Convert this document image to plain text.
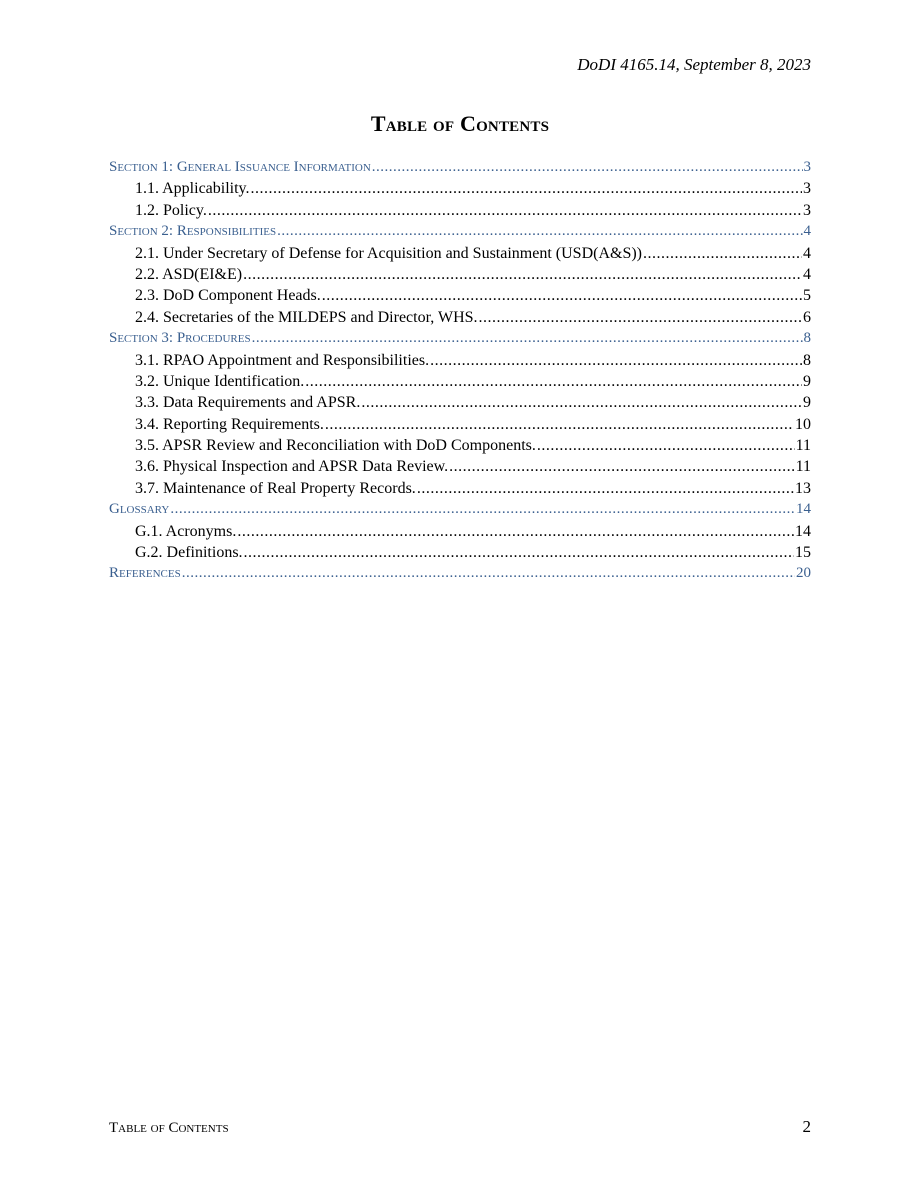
DoDI 4165.14, September 8, 2023
Table of Contents
Section 1: General Issuance Information .....	3
1.1. Applicability. .....	3
1.2. Policy. .....	3
Section 2: Responsibilities .....	4
2.1. Under Secretary of Defense for Acquisition and Sustainment (USD(A&S)) .....	4
2.2. ASD(EI&E) .....	4
2.3. DoD Component Heads. .....	5
2.4. Secretaries of the MILDEPS and Director, WHS. .....	6
Section 3: Procedures .....	8
3.1. RPAO Appointment and Responsibilities. .....	8
3.2. Unique Identification. .....	9
3.3. Data Requirements and APSR. .....	9
3.4. Reporting Requirements. .....	10
3.5. APSR Review and Reconciliation with DoD Components. .....	11
3.6. Physical Inspection and APSR Data Review. .....	11
3.7. Maintenance of Real Property Records. .....	13
Glossary .....	14
G.1. Acronyms. .....	14
G.2. Definitions. .....	15
References .....	20
Table of Contents	2
